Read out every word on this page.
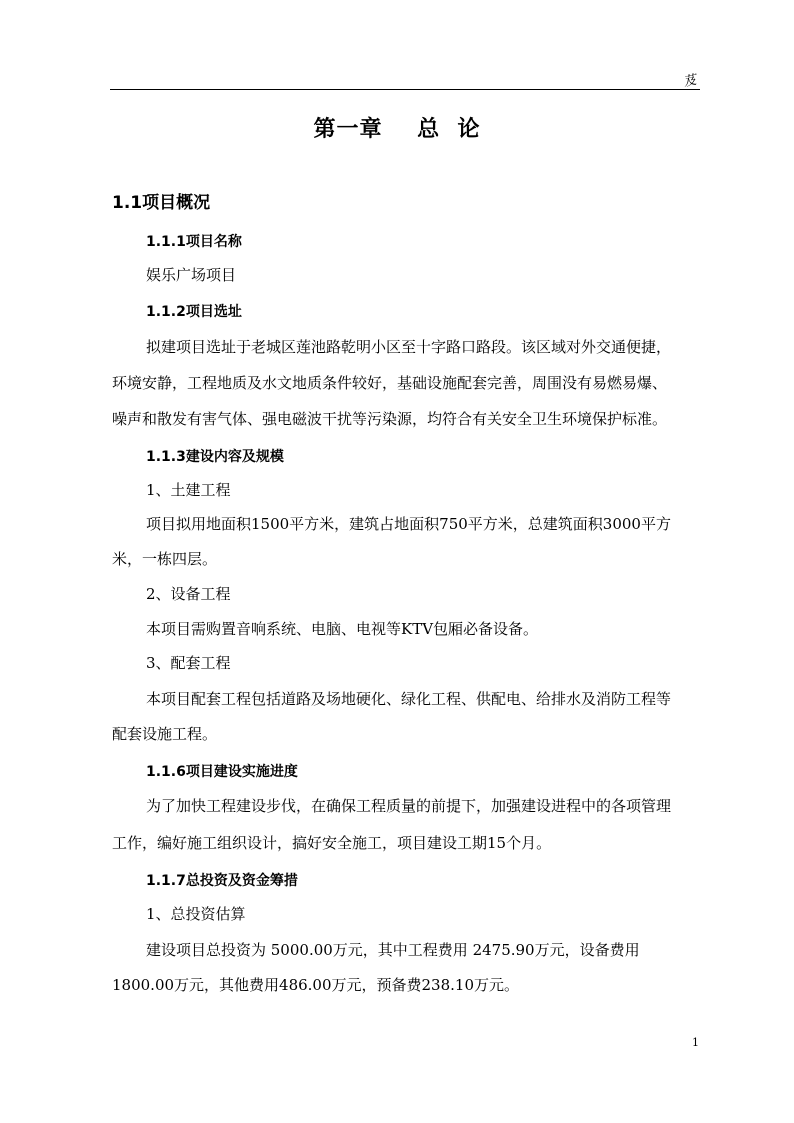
芨
第一章    总  论
1.1项目概况
1.1.1项目名称
娱乐广场项目
1.1.2项目选址
拟建项目选址于老城区莲池路乾明小区至十字路口路段。该区域对外交通便捷，
环境安静，工程地质及水文地质条件较好，基础设施配套完善，周围没有易燃易爆、
噪声和散发有害气体、强电磁波干扰等污染源，均符合有关安全卫生环境保护标准。
1.1.3建设内容及规模
1、土建工程
项目拟用地面积1500平方米，建筑占地面积750平方米，总建筑面积3000平方
米，一栋四层。
2、设备工程
本项目需购置音响系统、电脑、电视等KTV包厢必备设备。
3、配套工程
本项目配套工程包括道路及场地硬化、绿化工程、供配电、给排水及消防工程等
配套设施工程。
1.1.6项目建设实施进度
为了加快工程建设步伐，在确保工程质量的前提下，加强建设进程中的各项管理
工作，编好施工组织设计，搞好安全施工，项目建设工期15个月。
1.1.7总投资及资金筹措
1、总投资估算
建设项目总投资为 5000.00万元，其中工程费用 2475.90万元，设备费用
1800.00万元，其他费用486.00万元，预备费238.10万元。
1
